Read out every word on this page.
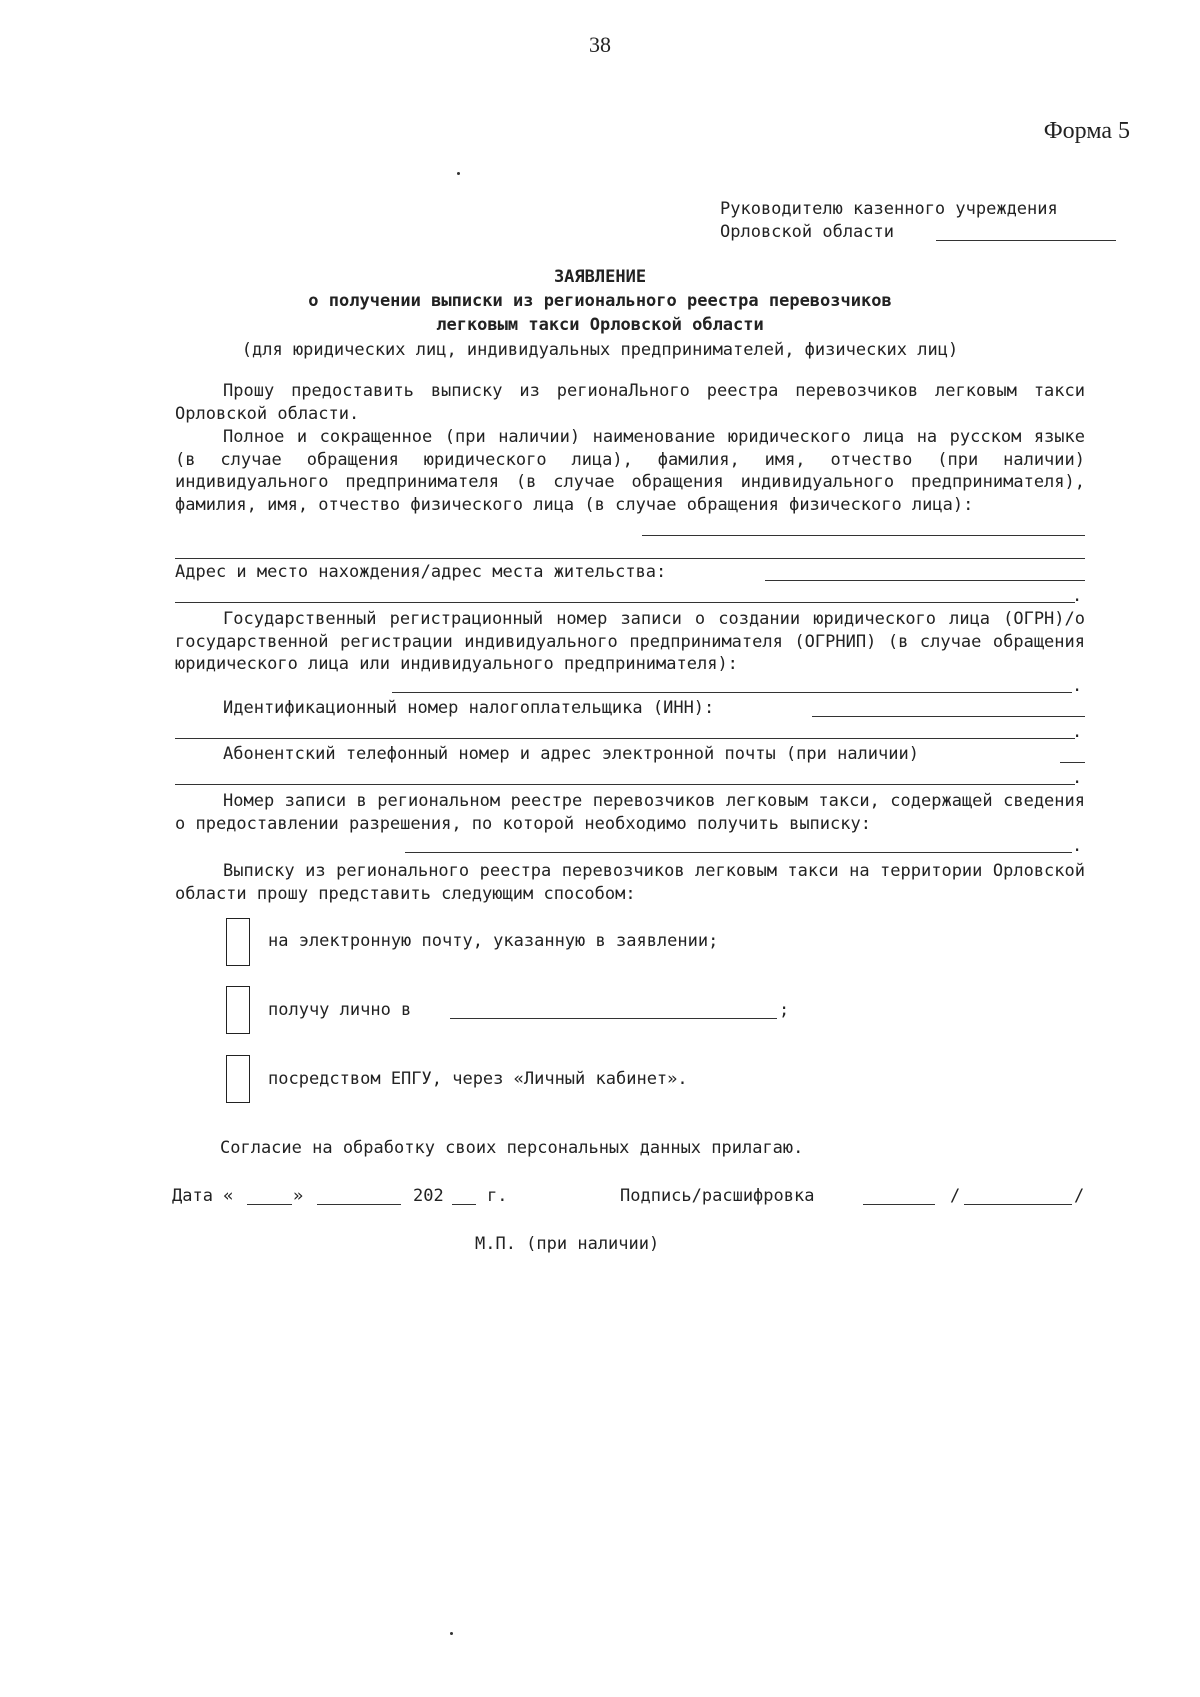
38
Форма 5
Руководителю казенного учреждения
Орловской области
ЗАЯВЛЕНИЕ
о получении выписки из регионального реестра перевозчиков
легковым такси Орловской области
(для юридических лиц, индивидуальных предпринимателей, физических лиц)
Прошу предоставить выписку из регионаЛьного реестра перевозчиков легковым такси Орловской области.
Полное и сокращенное (при наличии) наименование юридического лица на русском языке (в случае обращения юридического лица), фамилия, имя, отчество (при наличии) индивидуального предпринимателя (в случае обращения индивидуального предпринимателя), фамилия, имя, отчество физического лица (в случае обращения физического лица):
Адрес и место нахождения/адрес места жительства:
.
Государственный регистрационный номер записи о создании юридического лица (ОГРН)/о государственной регистрации индивидуального предпринимателя (ОГРНИП) (в случае обращения юридического лица или индивидуального предпринимателя):
.
Идентификационный номер налогоплательщика (ИНН):
.
Абонентский телефонный номер и адрес электронной почты (при наличии)
.
Номер записи в региональном реестре перевозчиков легковым такси, содержащей сведения о предоставлении разрешения, по которой необходимо получить выписку:
.
Выписку из регионального реестра перевозчиков легковым такси на территории Орловской области прошу представить следующим способом:
на электронную почту, указанную в заявлении;
получу лично в	;
посредством ЕПГУ, через «Личный кабинет».
Согласие на обработку своих персональных данных прилагаю.
Дата «	»	202	г.	Подпись/расшифровка	/	/
М.П. (при наличии)
